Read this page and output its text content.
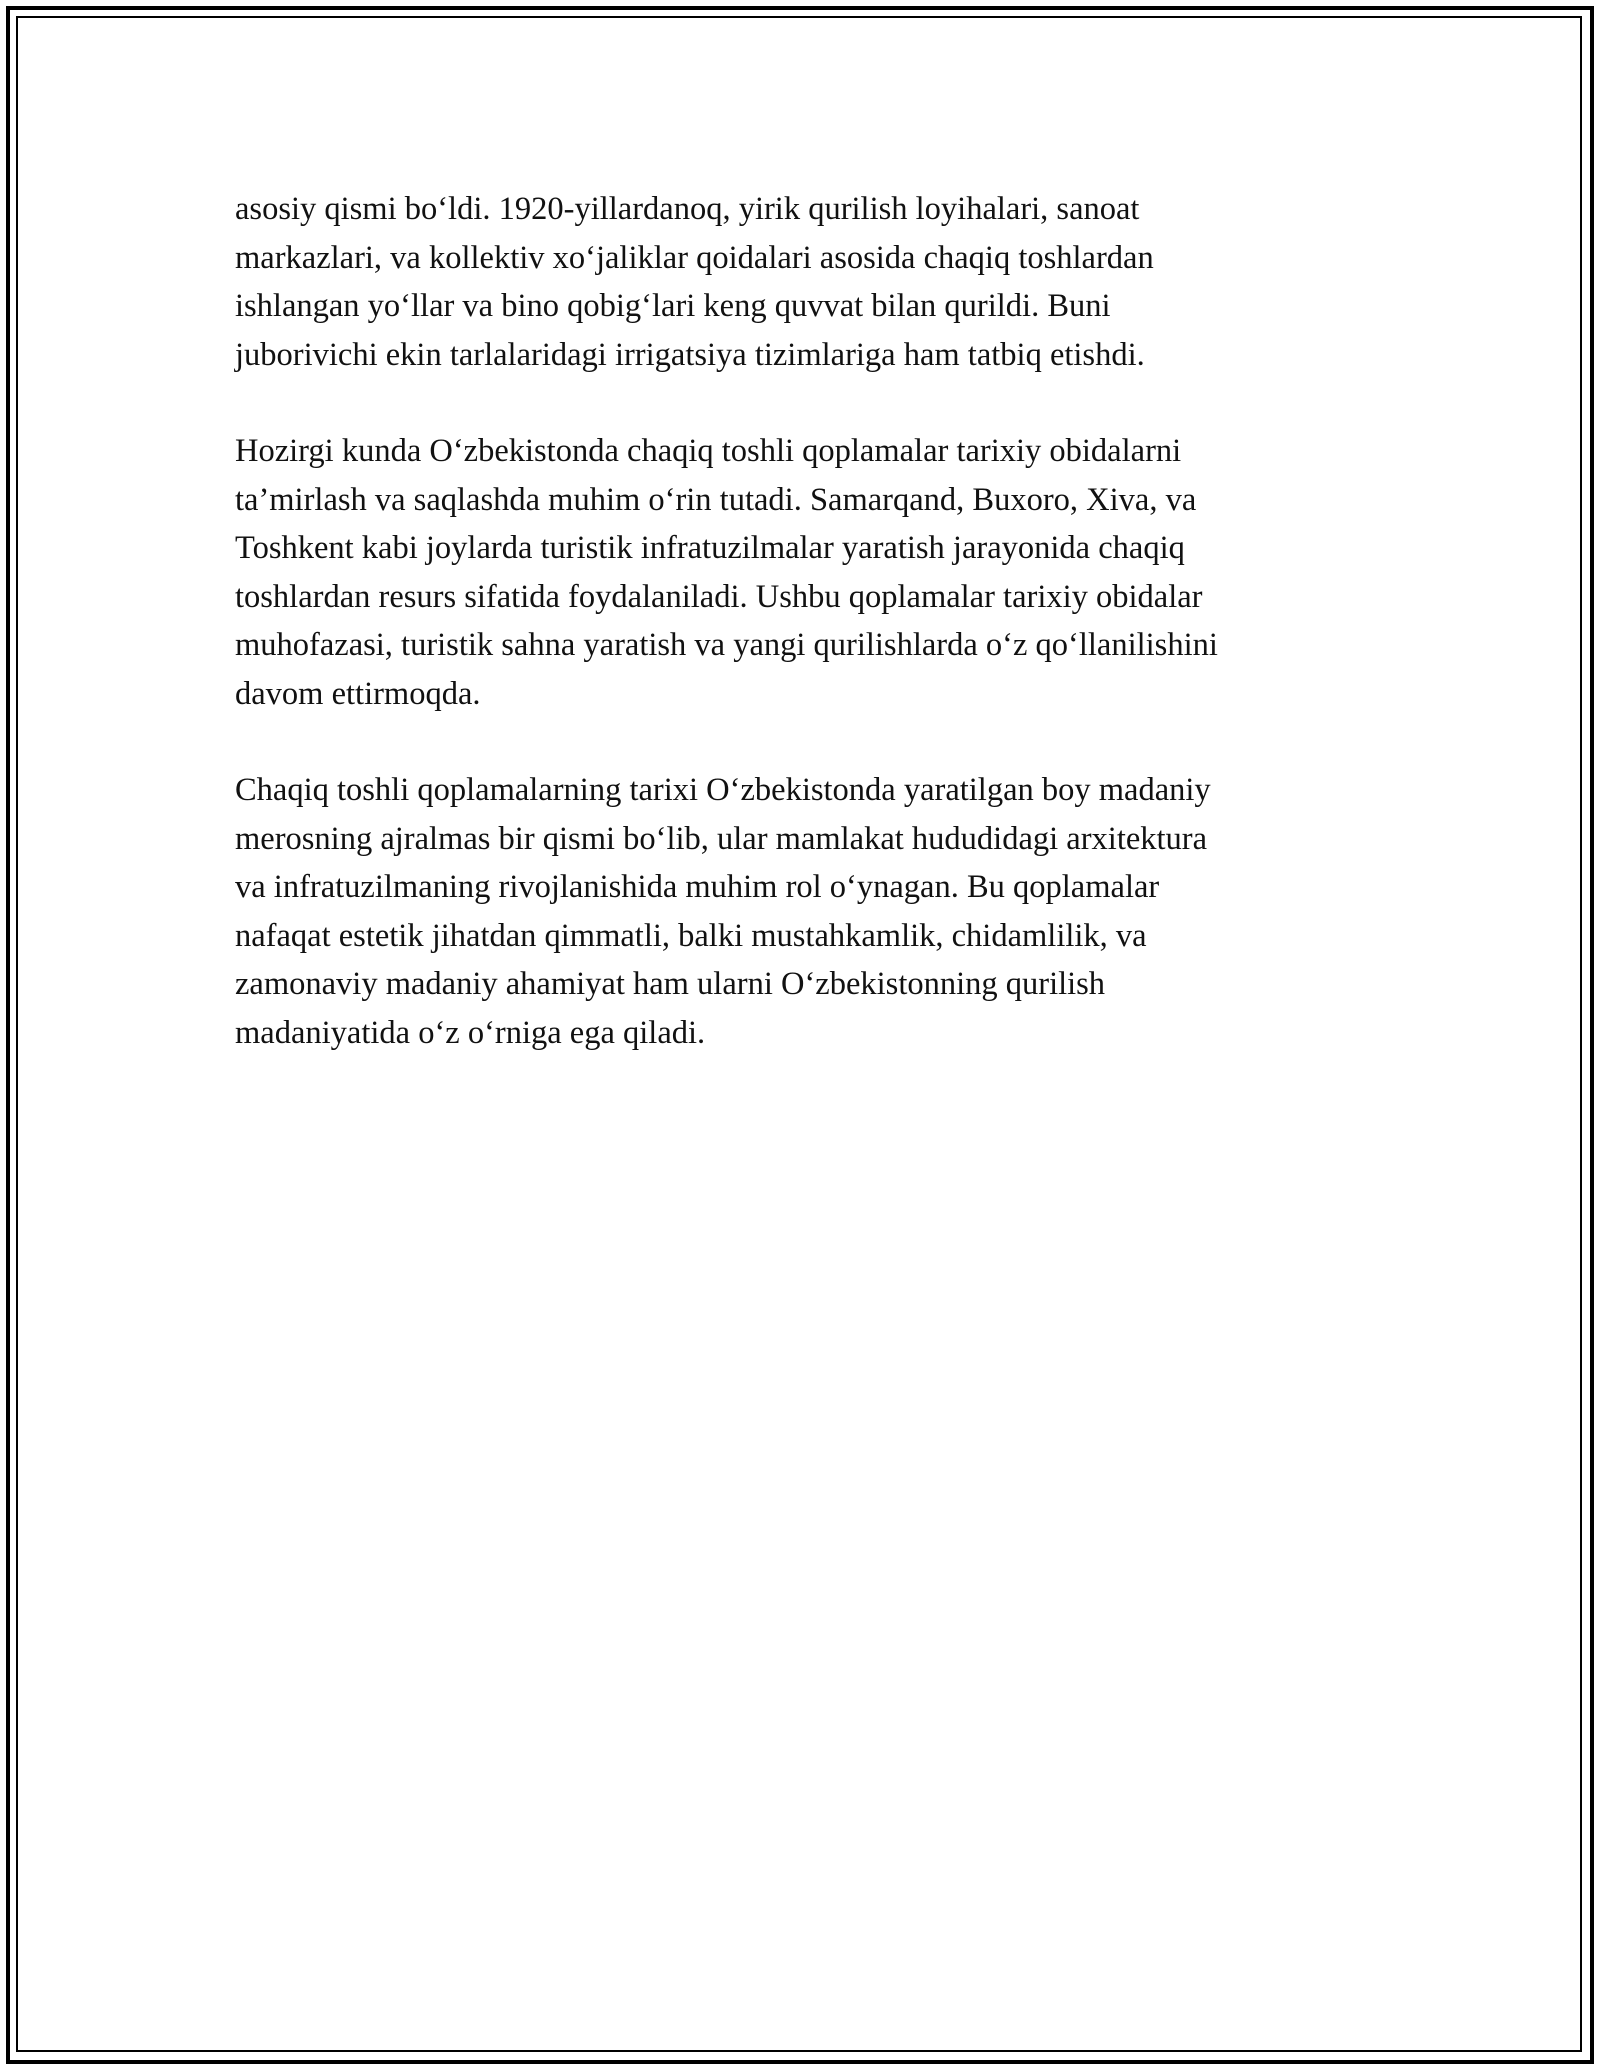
asosiy qismi bo‘ldi. 1920-yillardanoq, yirik qurilish loyihalari, sanoat
markazlari, va kollektiv xo‘jaliklar qoidalari asosida chaqiq toshlardan
ishlangan yo‘llar va bino qobig‘lari keng quvvat bilan qurildi. Buni
juborivichi ekin tarlalaridagi irrigatsiya tizimlariga ham tatbiq etishdi.

Hozirgi kunda O‘zbekistonda chaqiq toshli qoplamalar tarixiy obidalarni
ta’mirlash va saqlashda muhim o‘rin tutadi. Samarqand, Buxoro, Xiva, va
Toshkent kabi joylarda turistik infratuzilmalar yaratish jarayonida chaqiq
toshlardan resurs sifatida foydalaniladi. Ushbu qoplamalar tarixiy obidalar
muhofazasi, turistik sahna yaratish va yangi qurilishlarda o‘z qo‘llanilishini
davom ettirmoqda.

Chaqiq toshli qoplamalarning tarixi O‘zbekistonda yaratilgan boy madaniy
merosning ajralmas bir qismi bo‘lib, ular mamlakat hududidagi arxitektura
va infratuzilmaning rivojlanishida muhim rol o‘ynagan. Bu qoplamalar
nafaqat estetik jihatdan qimmatli, balki mustahkamlik, chidamlilik, va
zamonaviy madaniy ahamiyat ham ularni O‘zbekistonning qurilish
madaniyatida o‘z o‘rniga ega qiladi.
